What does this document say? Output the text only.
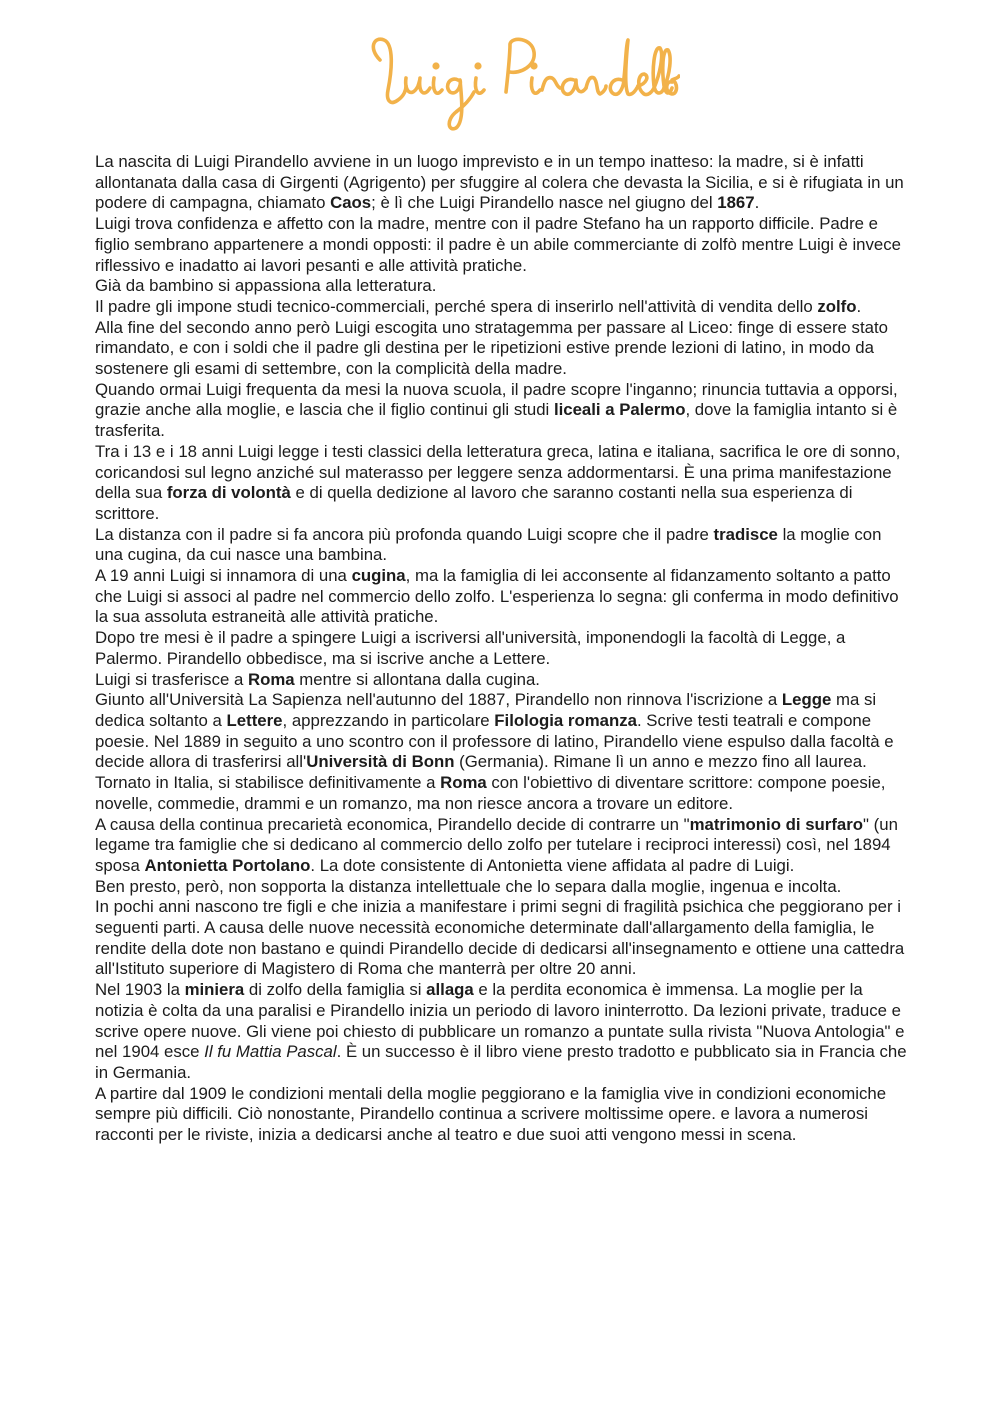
La nascita di Luigi Pirandello avviene in un luogo imprevisto e in un tempo inatteso: la madre, si è infatti allontanata dalla casa di Girgenti (Agrigento) per sfuggire al colera che devasta la Sicilia, e si è rifugiata in un podere di campagna, chiamato Caos; è lì che Luigi Pirandello nasce nel giugno del 1867.

Luigi trova confidenza e affetto con la madre, mentre con il padre Stefano ha un rapporto difficile. Padre e figlio sembrano appartenere a mondi opposti: il padre è un abile commerciante di zolfò mentre Luigi è invece riflessivo e inadatto ai lavori pesanti e alle attività pratiche.

Già da bambino si appassiona alla letteratura.

Il padre gli impone studi tecnico-commerciali, perché spera di inserirlo nell'attività di vendita dello zolfo.

Alla fine del secondo anno però Luigi escogita uno stratagemma per passare al Liceo: finge di essere stato rimandato, e con i soldi che il padre gli destina per le ripetizioni estive prende lezioni di latino, in modo da sostenere gli esami di settembre, con la complicità della madre.

Quando ormai Luigi frequenta da mesi la nuova scuola, il padre scopre l'inganno; rinuncia tuttavia a opporsi, grazie anche alla moglie, e lascia che il figlio continui gli studi liceali a Palermo, dove la famiglia intanto si è trasferita.

Tra i 13 e i 18 anni Luigi legge i testi classici della letteratura greca, latina e italiana, sacrifica le ore di sonno, coricandosi sul legno anziché sul materasso per leggere senza addormentarsi. È una prima manifestazione della sua forza di volontà e di quella dedizione al lavoro che saranno costanti nella sua esperienza di scrittore.

La distanza con il padre si fa ancora più profonda quando Luigi scopre che il padre tradisce la moglie con una cugina, da cui nasce una bambina.

A 19 anni Luigi si innamora di una cugina, ma la famiglia di lei acconsente al fidanzamento soltanto a patto che Luigi si associ al padre nel commercio dello zolfo. L'esperienza lo segna: gli conferma in modo definitivo la sua assoluta estraneità alle attività pratiche.

Dopo tre mesi è il padre a spingere Luigi a iscriversi all'università, imponendogli la facoltà di Legge, a Palermo. Pirandello obbedisce, ma si iscrive anche a Lettere.

Luigi si trasferisce a Roma mentre si allontana dalla cugina.

Giunto all'Università La Sapienza nell'autunno del 1887, Pirandello non rinnova l'iscrizione a Legge ma si dedica soltanto a Lettere, apprezzando in particolare Filologia romanza. Scrive testi teatrali e compone poesie. Nel 1889 in seguito a uno scontro con il professore di latino, Pirandello viene espulso dalla facoltà e decide allora di trasferirsi all'Università di Bonn (Germania). Rimane lì un anno e mezzo fino all laurea.

Tornato in Italia, si stabilisce definitivamente a Roma con l'obiettivo di diventare scrittore: compone poesie, novelle, commedie, drammi e un romanzo, ma non riesce ancora a trovare un editore.

A causa della continua precarietà economica, Pirandello decide di contrarre un "matrimonio di surfaro" (un legame tra famiglie che si dedicano al commercio dello zolfo per tutelare i reciproci interessi) così, nel 1894 sposa Antonietta Portolano. La dote consistente di Antonietta viene affidata al padre di Luigi.

Ben presto, però, non sopporta la distanza intellettuale che lo separa dalla moglie, ingenua e incolta.

In pochi anni nascono tre figli e che inizia a manifestare i primi segni di fragilità psichica che peggiorano per i seguenti parti. A causa delle nuove necessità economiche determinate dall'allargamento della famiglia, le rendite della dote non bastano e quindi Pirandello decide di dedicarsi all'insegnamento e ottiene una cattedra all'Istituto superiore di Magistero di Roma che manterrà per oltre 20 anni.

Nel 1903 la miniera di zolfo della famiglia si allaga e la perdita economica è immensa. La moglie per la notizia è colta da una paralisi e Pirandello inizia un periodo di lavoro ininterrotto. Da lezioni private, traduce e scrive opere nuove. Gli viene poi chiesto di pubblicare un romanzo a puntate sulla rivista "Nuova Antologia" e nel 1904 esce Il fu Mattia Pascal. È un successo è il libro viene presto tradotto e pubblicato sia in Francia che in Germania.

A partire dal 1909 le condizioni mentali della moglie peggiorano e la famiglia vive in condizioni economiche sempre più difficili. Ciò nonostante, Pirandello continua a scrivere moltissime opere. e lavora a numerosi racconti per le riviste, inizia a dedicarsi anche al teatro e due suoi atti vengono messi in scena.
